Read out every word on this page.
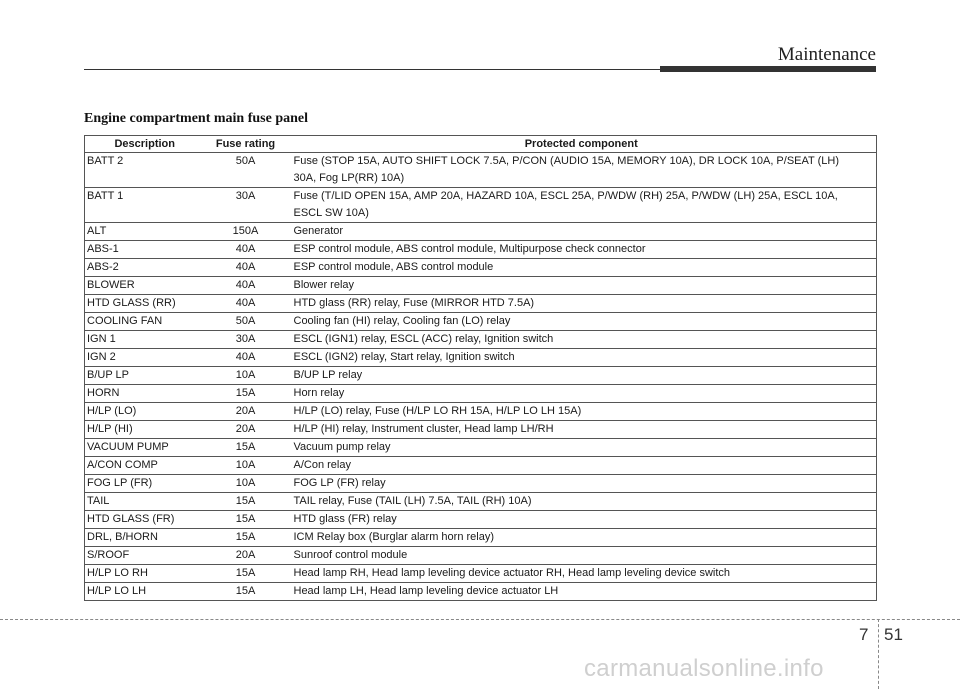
Maintenance
Engine compartment main fuse panel
Description	Fuse rating	Protected component
BATT 2	50A	Fuse (STOP 15A, AUTO SHIFT LOCK 7.5A, P/CON (AUDIO 15A, MEMORY 10A), DR LOCK 10A, P/SEAT (LH) 30A, Fog LP(RR) 10A)
BATT 1	30A	Fuse (T/LID OPEN 15A, AMP 20A, HAZARD 10A, ESCL 25A, P/WDW (RH) 25A, P/WDW (LH) 25A, ESCL 10A, ESCL SW 10A)
ALT	150A	Generator
ABS-1	40A	ESP control module, ABS control module, Multipurpose check connector
ABS-2	40A	ESP control module, ABS control module
BLOWER	40A	Blower relay
HTD GLASS (RR)	40A	HTD glass (RR) relay, Fuse (MIRROR HTD 7.5A)
COOLING FAN	50A	Cooling fan (HI) relay, Cooling fan (LO) relay
IGN 1	30A	ESCL (IGN1) relay, ESCL (ACC) relay, Ignition switch
IGN 2	40A	ESCL (IGN2) relay, Start relay, Ignition switch
B/UP LP	10A	B/UP LP relay
HORN	15A	Horn relay
H/LP (LO)	20A	H/LP (LO) relay, Fuse (H/LP LO RH 15A, H/LP LO LH 15A)
H/LP (HI)	20A	H/LP (HI) relay, Instrument cluster, Head lamp LH/RH
VACUUM PUMP	15A	Vacuum pump relay
A/CON COMP	10A	A/Con relay
FOG LP (FR)	10A	FOG LP (FR) relay
TAIL	15A	TAIL relay, Fuse (TAIL (LH) 7.5A, TAIL (RH) 10A)
HTD GLASS (FR)	15A	HTD glass (FR) relay
DRL, B/HORN	15A	ICM Relay box (Burglar alarm horn relay)
S/ROOF	20A	Sunroof control module
H/LP LO RH	15A	Head lamp RH, Head lamp leveling device actuator RH, Head lamp leveling device switch
H/LP LO LH	15A	Head lamp LH, Head lamp leveling device actuator LH
7 51
carmanualsonline.info
